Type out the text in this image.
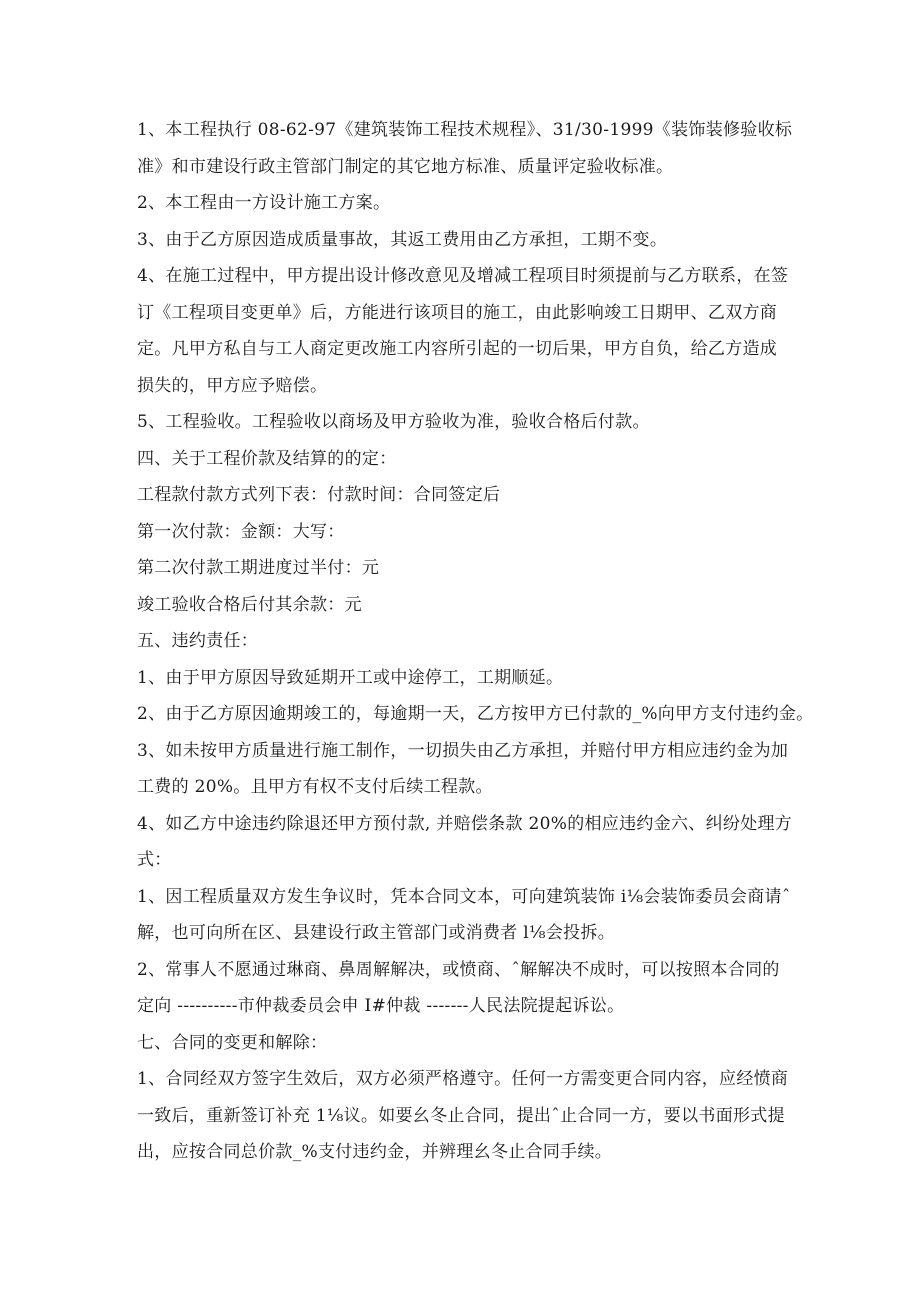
1、本工程执行 08-62-97《建筑装饰工程技术规程》、31/30-1999《装饰装修验收标
准》和市建设行政主管部门制定的其它地方标准、质量评定验收标准。
2、本工程由一方设计施工方案。
3、由于乙方原因造成质量事故，其返工费用由乙方承担，工期不变。
4、在施工过程中，甲方提出设计修改意见及增减工程项目时须提前与乙方联系，在签
订《工程项目变更单》后，方能进行该项目的施工，由此影响竣工日期甲、乙双方商
定。凡甲方私自与工人商定更改施工内容所引起的一切后果，甲方自负，给乙方造成
损失的，甲方应予赔偿。
5、工程验收。工程验收以商场及甲方验收为准，验收合格后付款。
四、关于工程价款及结算的的定：
工程款付款方式列下表：付款时间：合同签定后
第一次付款：金额：大写：
第二次付款工期进度过半付：元
竣工验收合格后付其余款：元
五、违约责任：
1、由于甲方原因导致延期开工或中途停工，工期顺延。
2、由于乙方原因逾期竣工的，每逾期一天，乙方按甲方已付款的_%向甲方支付违约金。
3、如未按甲方质量进行施工制作，一切损失由乙方承担，并赔付甲方相应违约金为加
工费的 20%。且甲方有权不支付后续工程款。
4、如乙方中途违约除退还甲方预付款, 并赔偿条款 20%的相应违约金六、纠纷处理方
式：
1、因工程质量双方发生争议时，凭本合同文本，可向建筑装饰 i⅛会装饰委员会商请ˆ
解，也可向所在区、县建设行政主管部门或消费者 l⅛会投拆。
2、常事人不愿通过琳商、鼻周解解决，或愤商、ˆ解解决不成时，可以按照本合同的
定向 ----------市仲裁委员会申 I#仲裁 -------人民法院提起诉讼。
七、合同的变更和解除：
1、合同经双方签字生效后，双方必须严格遵守。任何一方需变更合同内容，应经愤商
一致后，重新签订补充 1⅛议。如要幺冬止合同，提出ˆ止合同一方，要以书面形式提
出，应按合同总价款_%支付违约金，并辨理幺冬止合同手续。
